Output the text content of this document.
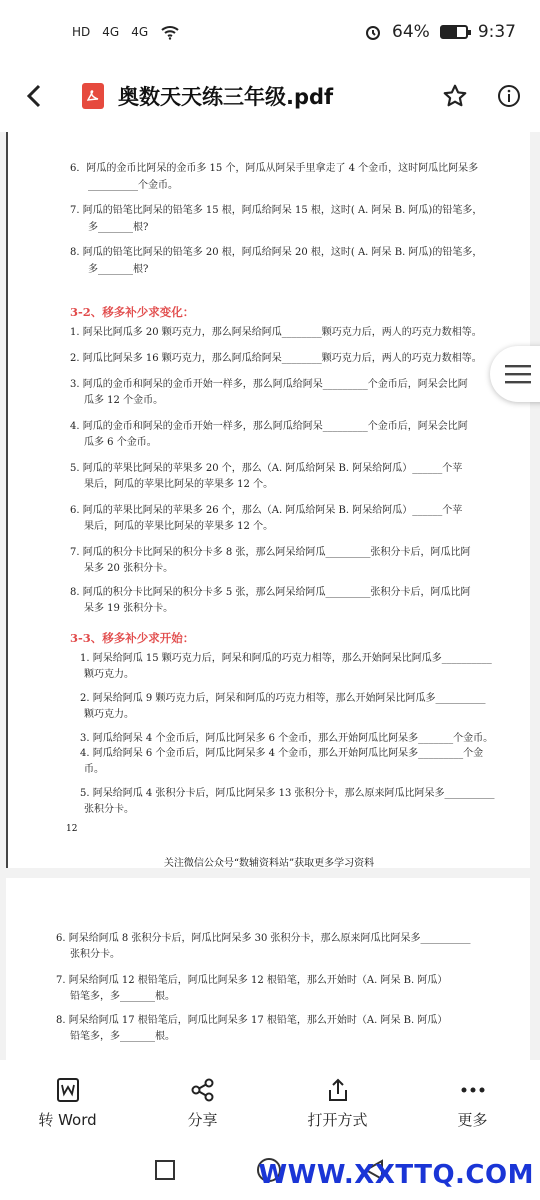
HD 4G 4G	64%	9:37
奥数天天练三年级.pdf
6．阿瓜的金币比阿呆的金币多 15 个，阿瓜从阿呆手里拿走了 4 个金币，这时阿瓜比阿呆多
__________个金币。
7. 阿瓜的铅笔比阿呆的铅笔多 15 根，阿瓜给阿呆 15 根，这时( A. 阿呆 B. 阿瓜)的铅笔多，
多_______根?
8. 阿瓜的铅笔比阿呆的铅笔多 20 根，阿瓜给阿呆 20 根，这时( A. 阿呆 B. 阿瓜)的铅笔多，
多_______根?
3-2、移多补少求变化：
1. 阿呆比阿瓜多 20 颗巧克力，那么阿呆给阿瓜________颗巧克力后，两人的巧克力数相等。
2. 阿瓜比阿呆多 16 颗巧克力，那么阿瓜给阿呆________颗巧克力后，两人的巧克力数相等。
3. 阿瓜的金币和阿呆的金币开始一样多，那么阿瓜给阿呆_________个金币后，阿呆会比阿
瓜多 12 个金币。
4. 阿瓜的金币和阿呆的金币开始一样多，那么阿瓜给阿呆_________个金币后，阿呆会比阿
瓜多 6 个金币。
5. 阿瓜的苹果比阿呆的苹果多 20 个，那么（A. 阿瓜给阿呆 B. 阿呆给阿瓜）______个苹
果后，阿瓜的苹果比阿呆的苹果多 12 个。
6. 阿瓜的苹果比阿呆的苹果多 26 个，那么（A. 阿瓜给阿呆 B. 阿呆给阿瓜）______个苹
果后，阿瓜的苹果比阿呆的苹果多 12 个。
7. 阿瓜的积分卡比阿呆的积分卡多 8 张，那么阿呆给阿瓜_________张积分卡后，阿瓜比阿
呆多 20 张积分卡。
8. 阿瓜的积分卡比阿呆的积分卡多 5 张，那么阿呆给阿瓜_________张积分卡后，阿瓜比阿
呆多 19 张积分卡。
3-3、移多补少求开始：
1. 阿呆给阿瓜 15 颗巧克力后，阿呆和阿瓜的巧克力相等，那么开始阿呆比阿瓜多__________
颗巧克力。
2. 阿呆给阿瓜 9 颗巧克力后，阿呆和阿瓜的巧克力相等，那么开始阿呆比阿瓜多__________
颗巧克力。
3. 阿瓜给阿呆 4 个金币后，阿瓜比阿呆多 6 个金币，那么开始阿瓜比阿呆多_______个金币。
4. 阿瓜给阿呆 6 个金币后，阿瓜比阿呆多 4 个金币，那么开始阿瓜比阿呆多_________个金
币。
5. 阿呆给阿瓜 4 张积分卡后，阿瓜比阿呆多 13 张积分卡，那么原来阿瓜比阿呆多__________
张积分卡。
12
关注微信公众号“数辅资料站”获取更多学习资料
6. 阿呆给阿瓜 8 张积分卡后，阿瓜比阿呆多 30 张积分卡，那么原来阿瓜比阿呆多__________
张积分卡。
7. 阿呆给阿瓜 12 根铅笔后，阿瓜比阿呆多 12 根铅笔，那么开始时（A. 阿呆 B. 阿瓜）
铅笔多，多_______根。
8. 阿呆给阿瓜 17 根铅笔后，阿瓜比阿呆多 17 根铅笔，那么开始时（A. 阿呆 B. 阿瓜）
铅笔多，多_______根。
转 Word	分享	打开方式	更多
WWW.XXTTQ.COM
